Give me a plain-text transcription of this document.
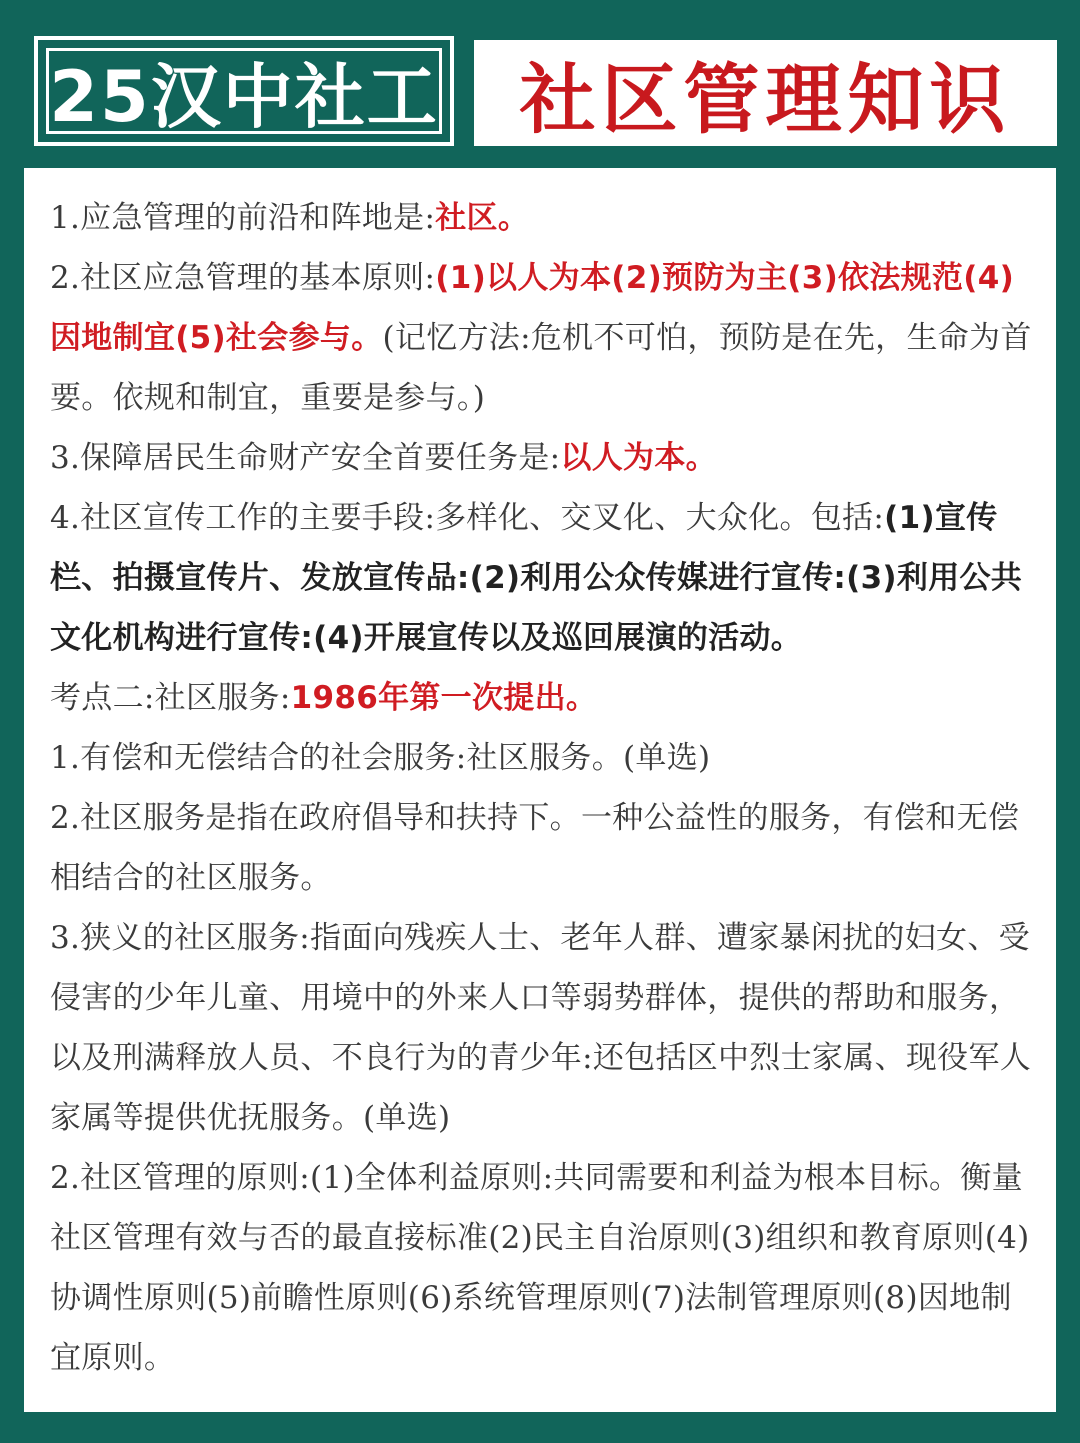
25汉中社工 社区管理知识

1.应急管理的前沿和阵地是:社区。

2.社区应急管理的基本原则:(1)以人为本(2)预防为主(3)依法规范(4)因地制宜(5)社会参与。(记忆方法:危机不可怕，预防是在先，生命为首要。依规和制宜，重要是参与。)

3.保障居民生命财产安全首要任务是:以人为本。

4.社区宣传工作的主要手段:多样化、交叉化、大众化。包括:(1)宣传栏、拍摄宣传片、发放宣传品:(2)利用公众传媒进行宣传:(3)利用公共文化机构进行宣传:(4)开展宣传以及巡回展演的活动。

考点二:社区服务:1986年第一次提出。

1.有偿和无偿结合的社会服务:社区服务。(单选)

2.社区服务是指在政府倡导和扶持下。一种公益性的服务，有偿和无偿相结合的社区服务。

3.狭义的社区服务:指面向残疾人士、老年人群、遭家暴闲扰的妇女、受侵害的少年儿童、用境中的外来人口等弱势群体，提供的帮助和服务，以及刑满释放人员、不良行为的青少年:还包括区中烈士家属、现役军人家属等提供优抚服务。(单选)

2.社区管理的原则:(1)全体利益原则:共同需要和利益为根本目标。衡量社区管理有效与否的最直接标准(2)民主自治原则(3)组织和教育原则(4)协调性原则(5)前瞻性原则(6)系统管理原则(7)法制管理原则(8)因地制宜原则。
